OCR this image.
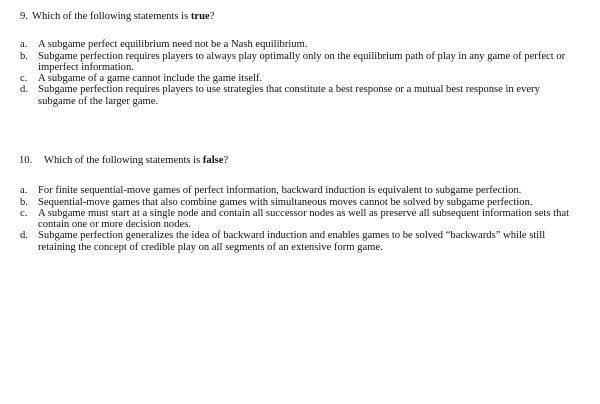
9. Which of the following statements is true?
a. A subgame perfect equilibrium need not be a Nash equilibrium.
b. Subgame perfection requires players to always play optimally only on the equilibrium path of play in any game of perfect or imperfect information.
c. A subgame of a game cannot include the game itself.
d. Subgame perfection requires players to use strategies that constitute a best response or a mutual best response in every subgame of the larger game.
10. Which of the following statements is false?
a. For finite sequential-move games of perfect information, backward induction is equivalent to subgame perfection.
b. Sequential-move games that also combine games with simultaneous moves cannot be solved by subgame perfection.
c. A subgame must start at a single node and contain all successor nodes as well as preserve all subsequent information sets that contain one or more decision nodes.
d. Subgame perfection generalizes the idea of backward induction and enables games to be solved “backwards” while still retaining the concept of credible play on all segments of an extensive form game.
